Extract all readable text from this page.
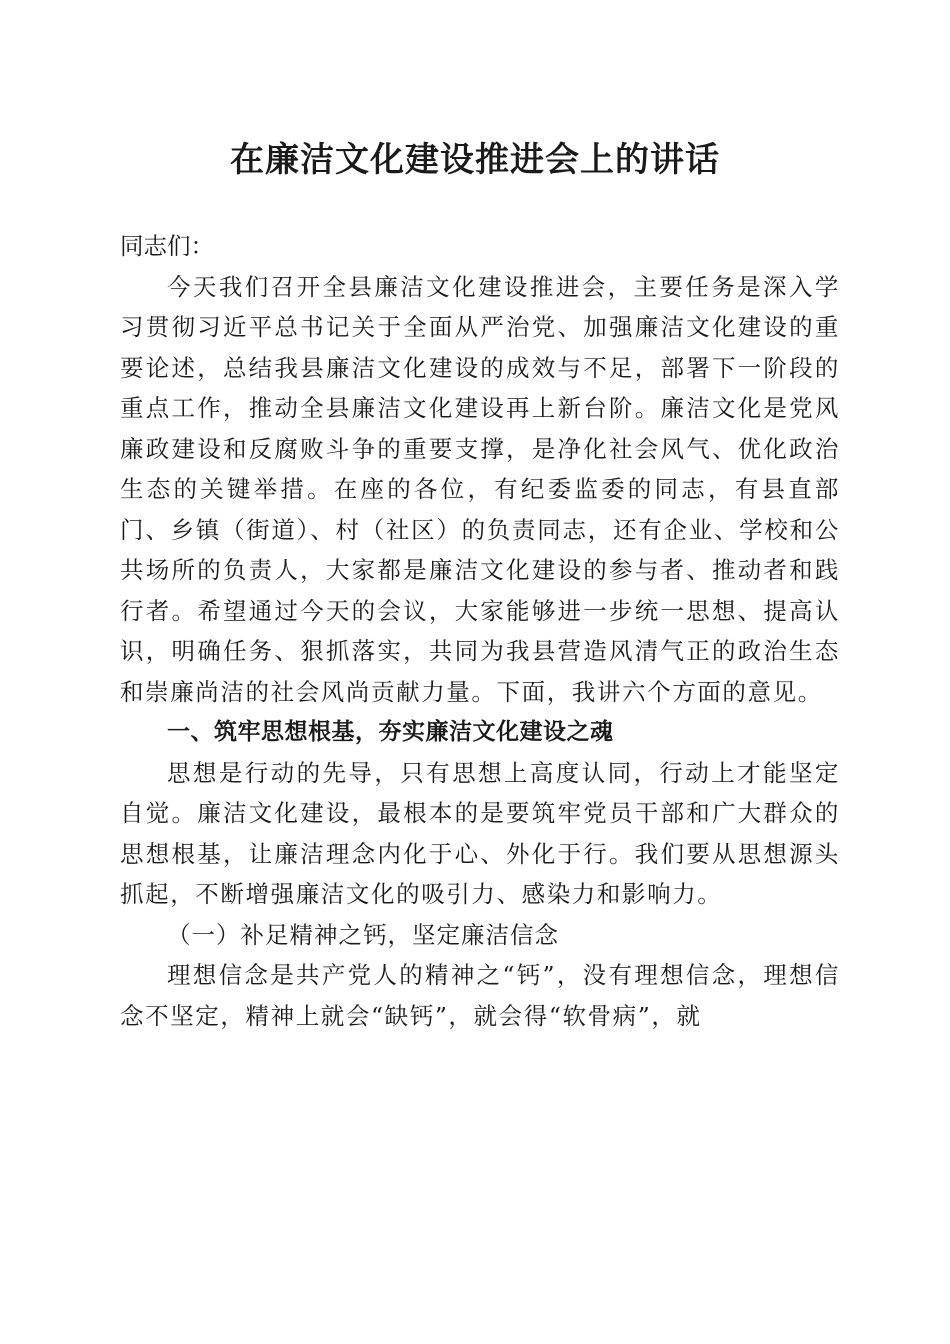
在廉洁文化建设推进会上的讲话

同志们：

今天我们召开全县廉洁文化建设推进会，主要任务是深入学习贯彻习近平总书记关于全面从严治党、加强廉洁文化建设的重要论述，总结我县廉洁文化建设的成效与不足，部署下一阶段的重点工作，推动全县廉洁文化建设再上新台阶。廉洁文化是党风廉政建设和反腐败斗争的重要支撑，是净化社会风气、优化政治生态的关键举措。在座的各位，有纪委监委的同志，有县直部门、乡镇（街道）、村（社区）的负责同志，还有企业、学校和公共场所的负责人，大家都是廉洁文化建设的参与者、推动者和践行者。希望通过今天的会议，大家能够进一步统一思想、提高认识，明确任务、狠抓落实，共同为我县营造风清气正的政治生态和崇廉尚洁的社会风尚贡献力量。下面，我讲六个方面的意见。

一、筑牢思想根基，夯实廉洁文化建设之魂

思想是行动的先导，只有思想上高度认同，行动上才能坚定自觉。廉洁文化建设，最根本的是要筑牢党员干部和广大群众的思想根基，让廉洁理念内化于心、外化于行。我们要从思想源头抓起，不断增强廉洁文化的吸引力、感染力和影响力。

（一）补足精神之钙，坚定廉洁信念

理想信念是共产党人的精神之“钙”，没有理想信念，理想信念不坚定，精神上就会“缺钙”，就会得“软骨病”，就
